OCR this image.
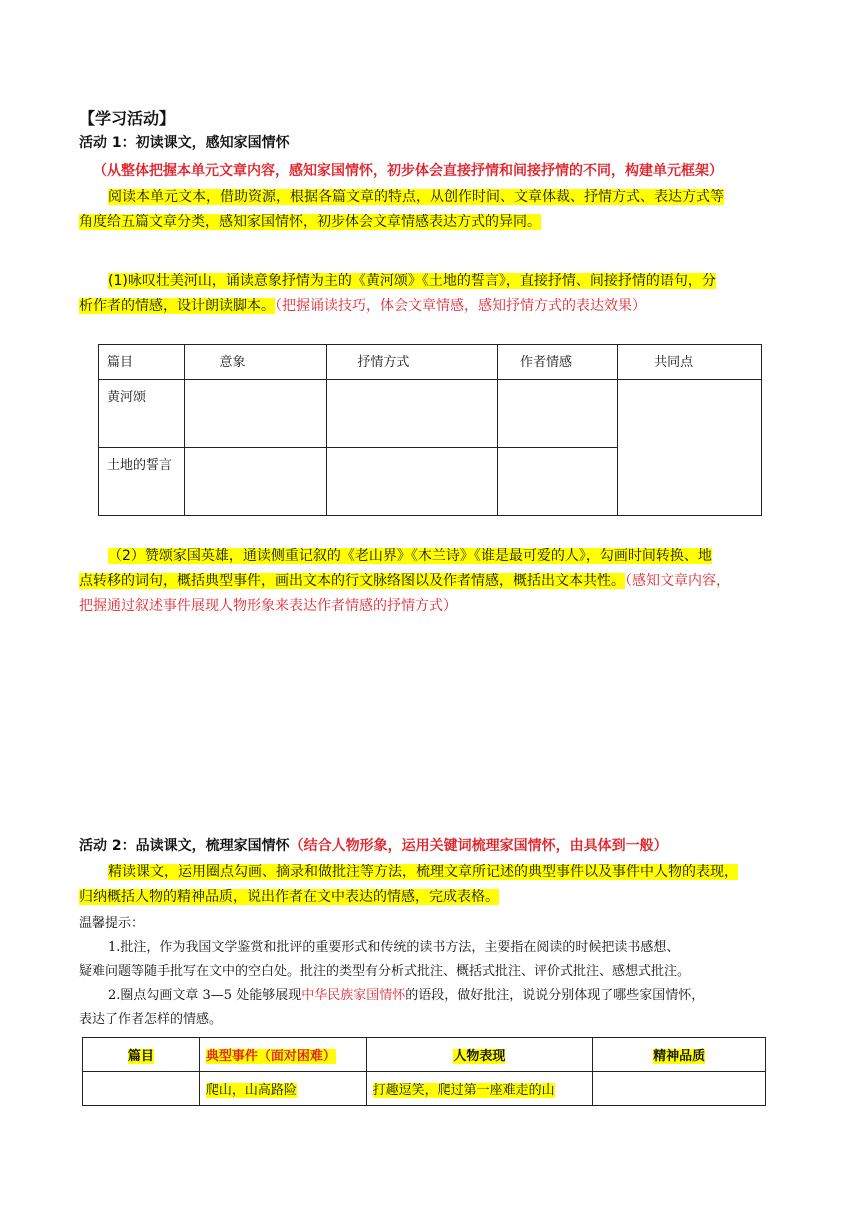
【学习活动】
活动 1：初读课文，感知家国情怀
（从整体把握本单元文章内容，感知家国情怀，初步体会直接抒情和间接抒情的不同，构建单元框架）
阅读本单元文本，借助资源，根据各篇文章的特点，从创作时间、文章体裁、抒情方式、表达方式等
角度给五篇文章分类，感知家国情怀，初步体会文章情感表达方式的异同。
(1)咏叹壮美河山，诵读意象抒情为主的《黄河颂》《土地的誓言》，直接抒情、间接抒情的语句，分
析作者的情感，设计朗读脚本。（把握诵读技巧，体会文章情感，感知抒情方式的表达效果）
篇目	意象	抒情方式	作者情感	共同点
黄河颂				
土地的誓言				
（2）赞颂家国英雄，通读侧重记叙的《老山界》《木兰诗》《谁是最可爱的人》，勾画时间转换、地
点转移的词句，概括典型事件，画出文本的行文脉络图以及作者情感，概括出文本共性。（感知文章内容，
把握通过叙述事件展现人物形象来表达作者情感的抒情方式）
活动 2：品读课文，梳理家国情怀（结合人物形象，运用关键词梳理家国情怀，由具体到一般）
精读课文，运用圈点勾画、摘录和做批注等方法，梳理文章所记述的典型事件以及事件中人物的表现，
归纳概括人物的精神品质，说出作者在文中表达的情感，完成表格。
温馨提示：
1.批注，作为我国文学鉴赏和批评的重要形式和传统的读书方法，主要指在阅读的时候把读书感想、
疑难问题等随手批写在文中的空白处。批注的类型有分析式批注、概括式批注、评价式批注、感想式批注。
2.圈点勾画文章 3—5 处能够展现中华民族家国情怀的语段，做好批注，说说分别体现了哪些家国情怀，
表达了作者怎样的情感。
篇目	典型事件（面对困难）	人物表现	精神品质
	爬山，山高路险	打趣逗笑，爬过第一座难走的山	
